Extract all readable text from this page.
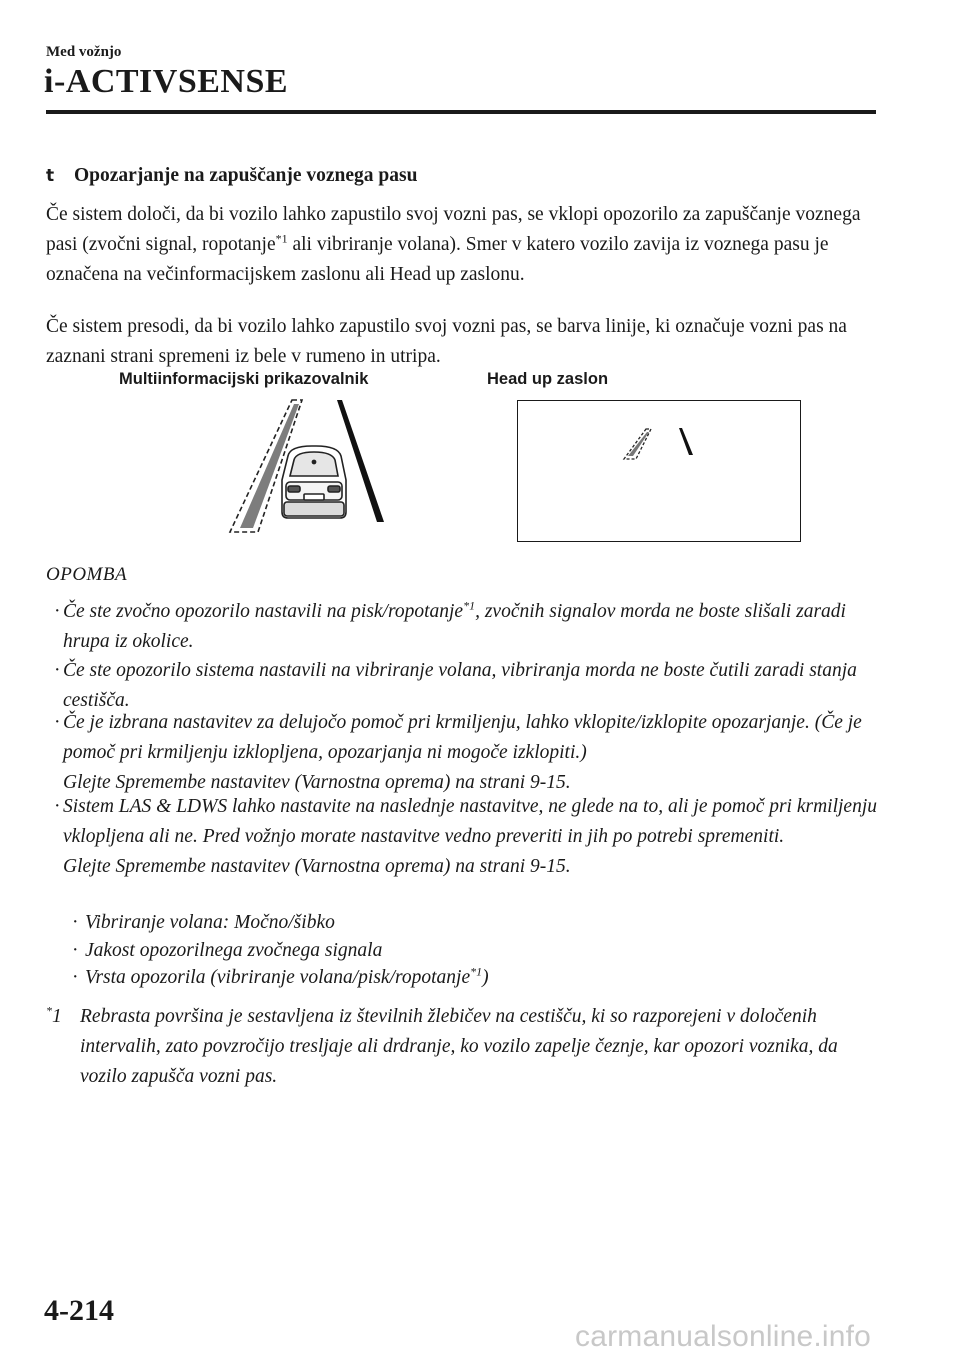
Med vožnjo
i-ACTIVSENSE
t Opozarjanje na zapuščanje voznega pasu
Če sistem določi, da bi vozilo lahko zapustilo svoj vozni pas, se vklopi opozorilo za zapuščanje voznega pasi (zvočni signal, ropotanje$^{*1}$ ali vibriranje volana). Smer v katero vozilo zavija iz voznega pasu je označena na večinformacijskem zaslonu ali Head up zaslonu.
Če sistem presodi, da bi vozilo lahko zapustilo svoj vozni pas, se barva linije, ki označuje vozni pas na zaznani strani spremeni iz bele v rumeno in utripa.
Multiinformacijski prikazovalnik	Head up zaslon
OPOMBA
· Če ste zvočno opozorilo nastavili na pisk/ropotanje$^{*1}$, zvočnih signalov morda ne boste slišali zaradi hrupa iz okolice.
· Če ste opozorilo sistema nastavili na vibriranje volana, vibriranja morda ne boste čutili zaradi stanja cestišča.
· Če je izbrana nastavitev za delujočo pomoč pri krmiljenju, lahko vklopite/izklopite opozarjanje. (Če je pomoč pri krmiljenju izklopljena, opozarjanja ni mogoče izklopiti.)
Glejte Spremembe nastavitev (Varnostna oprema) na strani 9-15.
· Sistem LAS & LDWS lahko nastavite na naslednje nastavitve, ne glede na to, ali je pomoč pri krmiljenju vklopljena ali ne. Pred vožnjo morate nastavitve vedno preveriti in jih po potrebi spremeniti.
Glejte Spremembe nastavitev (Varnostna oprema) na strani 9-15.
· Vibriranje volana: Močno/šibko
· Jakost opozorilnega zvočnega signala
· Vrsta opozorila (vibriranje volana/pisk/ropotanje$^{*1}$)
*1 Rebrasta površina je sestavljena iz številnih žlebičev na cestišču, ki so razporejeni v določenih intervalih, zato povzročijo tresljaje ali drdranje, ko vozilo zapelje čeznje, kar opozori voznika, da vozilo zapušča vozni pas.
4-214
carmanualsonline.info
